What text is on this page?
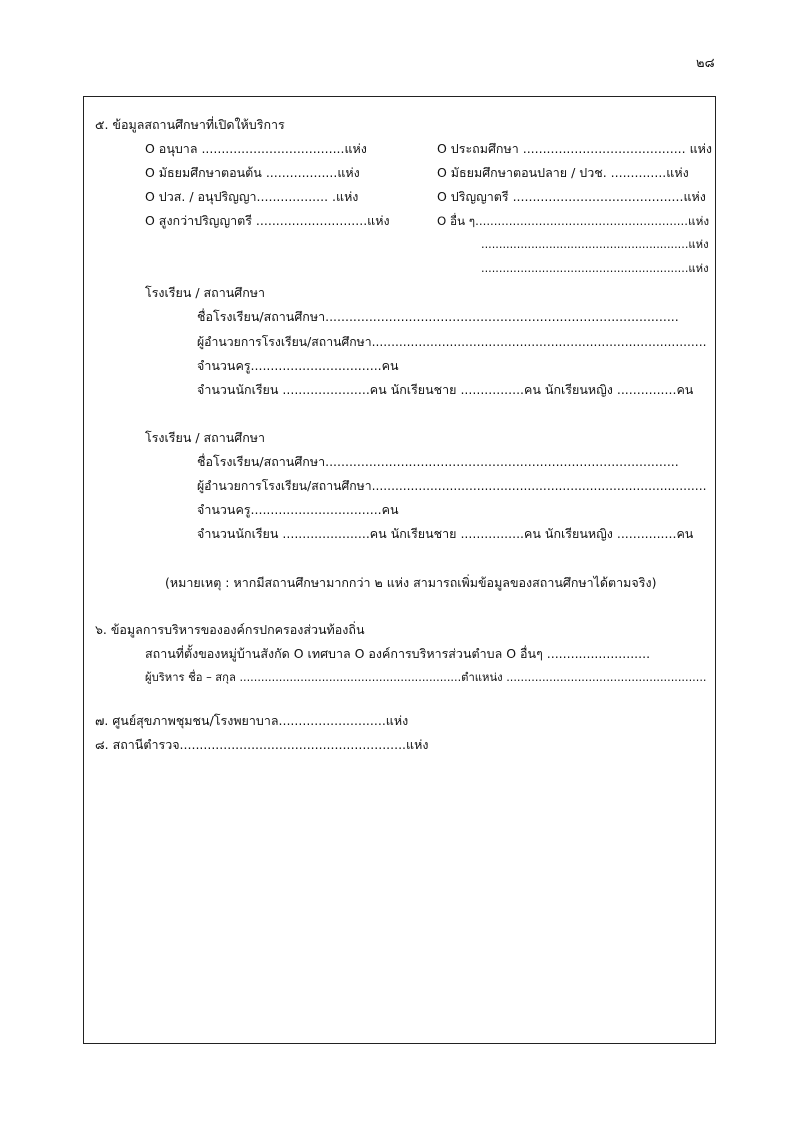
๒๘
๕. ข้อมูลสถานศึกษาที่เปิดให้บริการ
O อนุบาล ....................................แห่ง	O ประถมศึกษา ......................................... แห่ง
O มัธยมศึกษาตอนต้น ..................แห่ง	O มัธยมศึกษาตอนปลาย / ปวช. ..............แห่ง
O ปวส. / อนุปริญญา.................. .แห่ง	O ปริญญาตรี ...........................................แห่ง
O สูงกว่าปริญญาตรี ............................แห่ง	O อื่น ๆ.........................................................แห่ง
..........................................................แห่ง
..........................................................แห่ง
โรงเรียน / สถานศึกษา
ชื่อโรงเรียน/สถานศึกษา.........................................................................................
ผู้อำนวยการโรงเรียน/สถานศึกษา......................................................................................
จำนวนครู.................................คน
จำนวนนักเรียน ......................คน นักเรียนชาย ................คน นักเรียนหญิง ...............คน
โรงเรียน / สถานศึกษา
ชื่อโรงเรียน/สถานศึกษา.........................................................................................
ผู้อำนวยการโรงเรียน/สถานศึกษา......................................................................................
จำนวนครู.................................คน
จำนวนนักเรียน ......................คน นักเรียนชาย ................คน นักเรียนหญิง ...............คน
(หมายเหตุ : หากมีสถานศึกษามากกว่า ๒ แห่ง สามารถเพิ่มข้อมูลของสถานศึกษาได้ตามจริง)
๖. ข้อมูลการบริหารขององค์กรปกครองส่วนท้องถิ่น
สถานที่ตั้งของหมู่บ้านสังกัด O เทศบาล O องค์การบริหารส่วนตำบล O อื่นๆ ..........................
ผู้บริหาร ชื่อ – สกุล ..............................................................ตำแหน่ง ........................................................
๗. ศูนย์สุขภาพชุมชน/โรงพยาบาล...........................แห่ง
๘. สถานีตำรวจ.........................................................แห่ง
